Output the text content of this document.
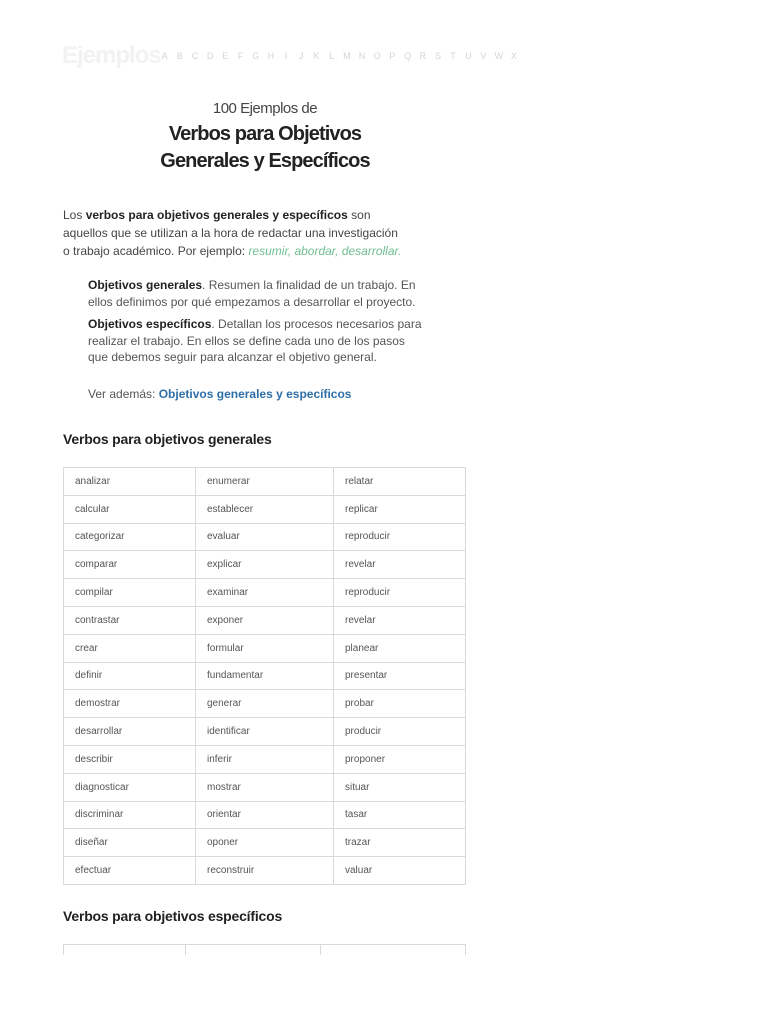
Ejemplos A	B C D E	F G H	I	J	K	L M N O P Q R S	T	U V W X
100 Ejemplos de
Verbos para Objetivos
Generales y Específicos
Los verbos para objetivos generales y específicos son aquellos que se utilizan a la hora de redactar una investigación o trabajo académico. Por ejemplo: resumir, abordar, desarrollar.

Objetivos generales. Resumen la finalidad de un trabajo. En ellos definimos por qué empezamos a desarrollar el proyecto.

Objetivos específicos. Detallan los procesos necesarios para realizar el trabajo. En ellos se define cada uno de los pasos que debemos seguir para alcanzar el objetivo general.

Ver además: Objetivos generales y específicos
Verbos para objetivos generales
analizar	enumerar	relatar
calcular	establecer	replicar
categorizar	evaluar	reproducir
comparar	explicar	revelar
compilar	examinar	reproducir
contrastar	exponer	revelar
crear	formular	planear
definir	fundamentar	presentar
demostrar	generar	probar
desarrollar	identificar	producir
describir	inferir	proponer
diagnosticar	mostrar	situar
discriminar	orientar	tasar
diseñar	oponer	trazar
efectuar	reconstruir	valuar
Verbos para objetivos específicos
